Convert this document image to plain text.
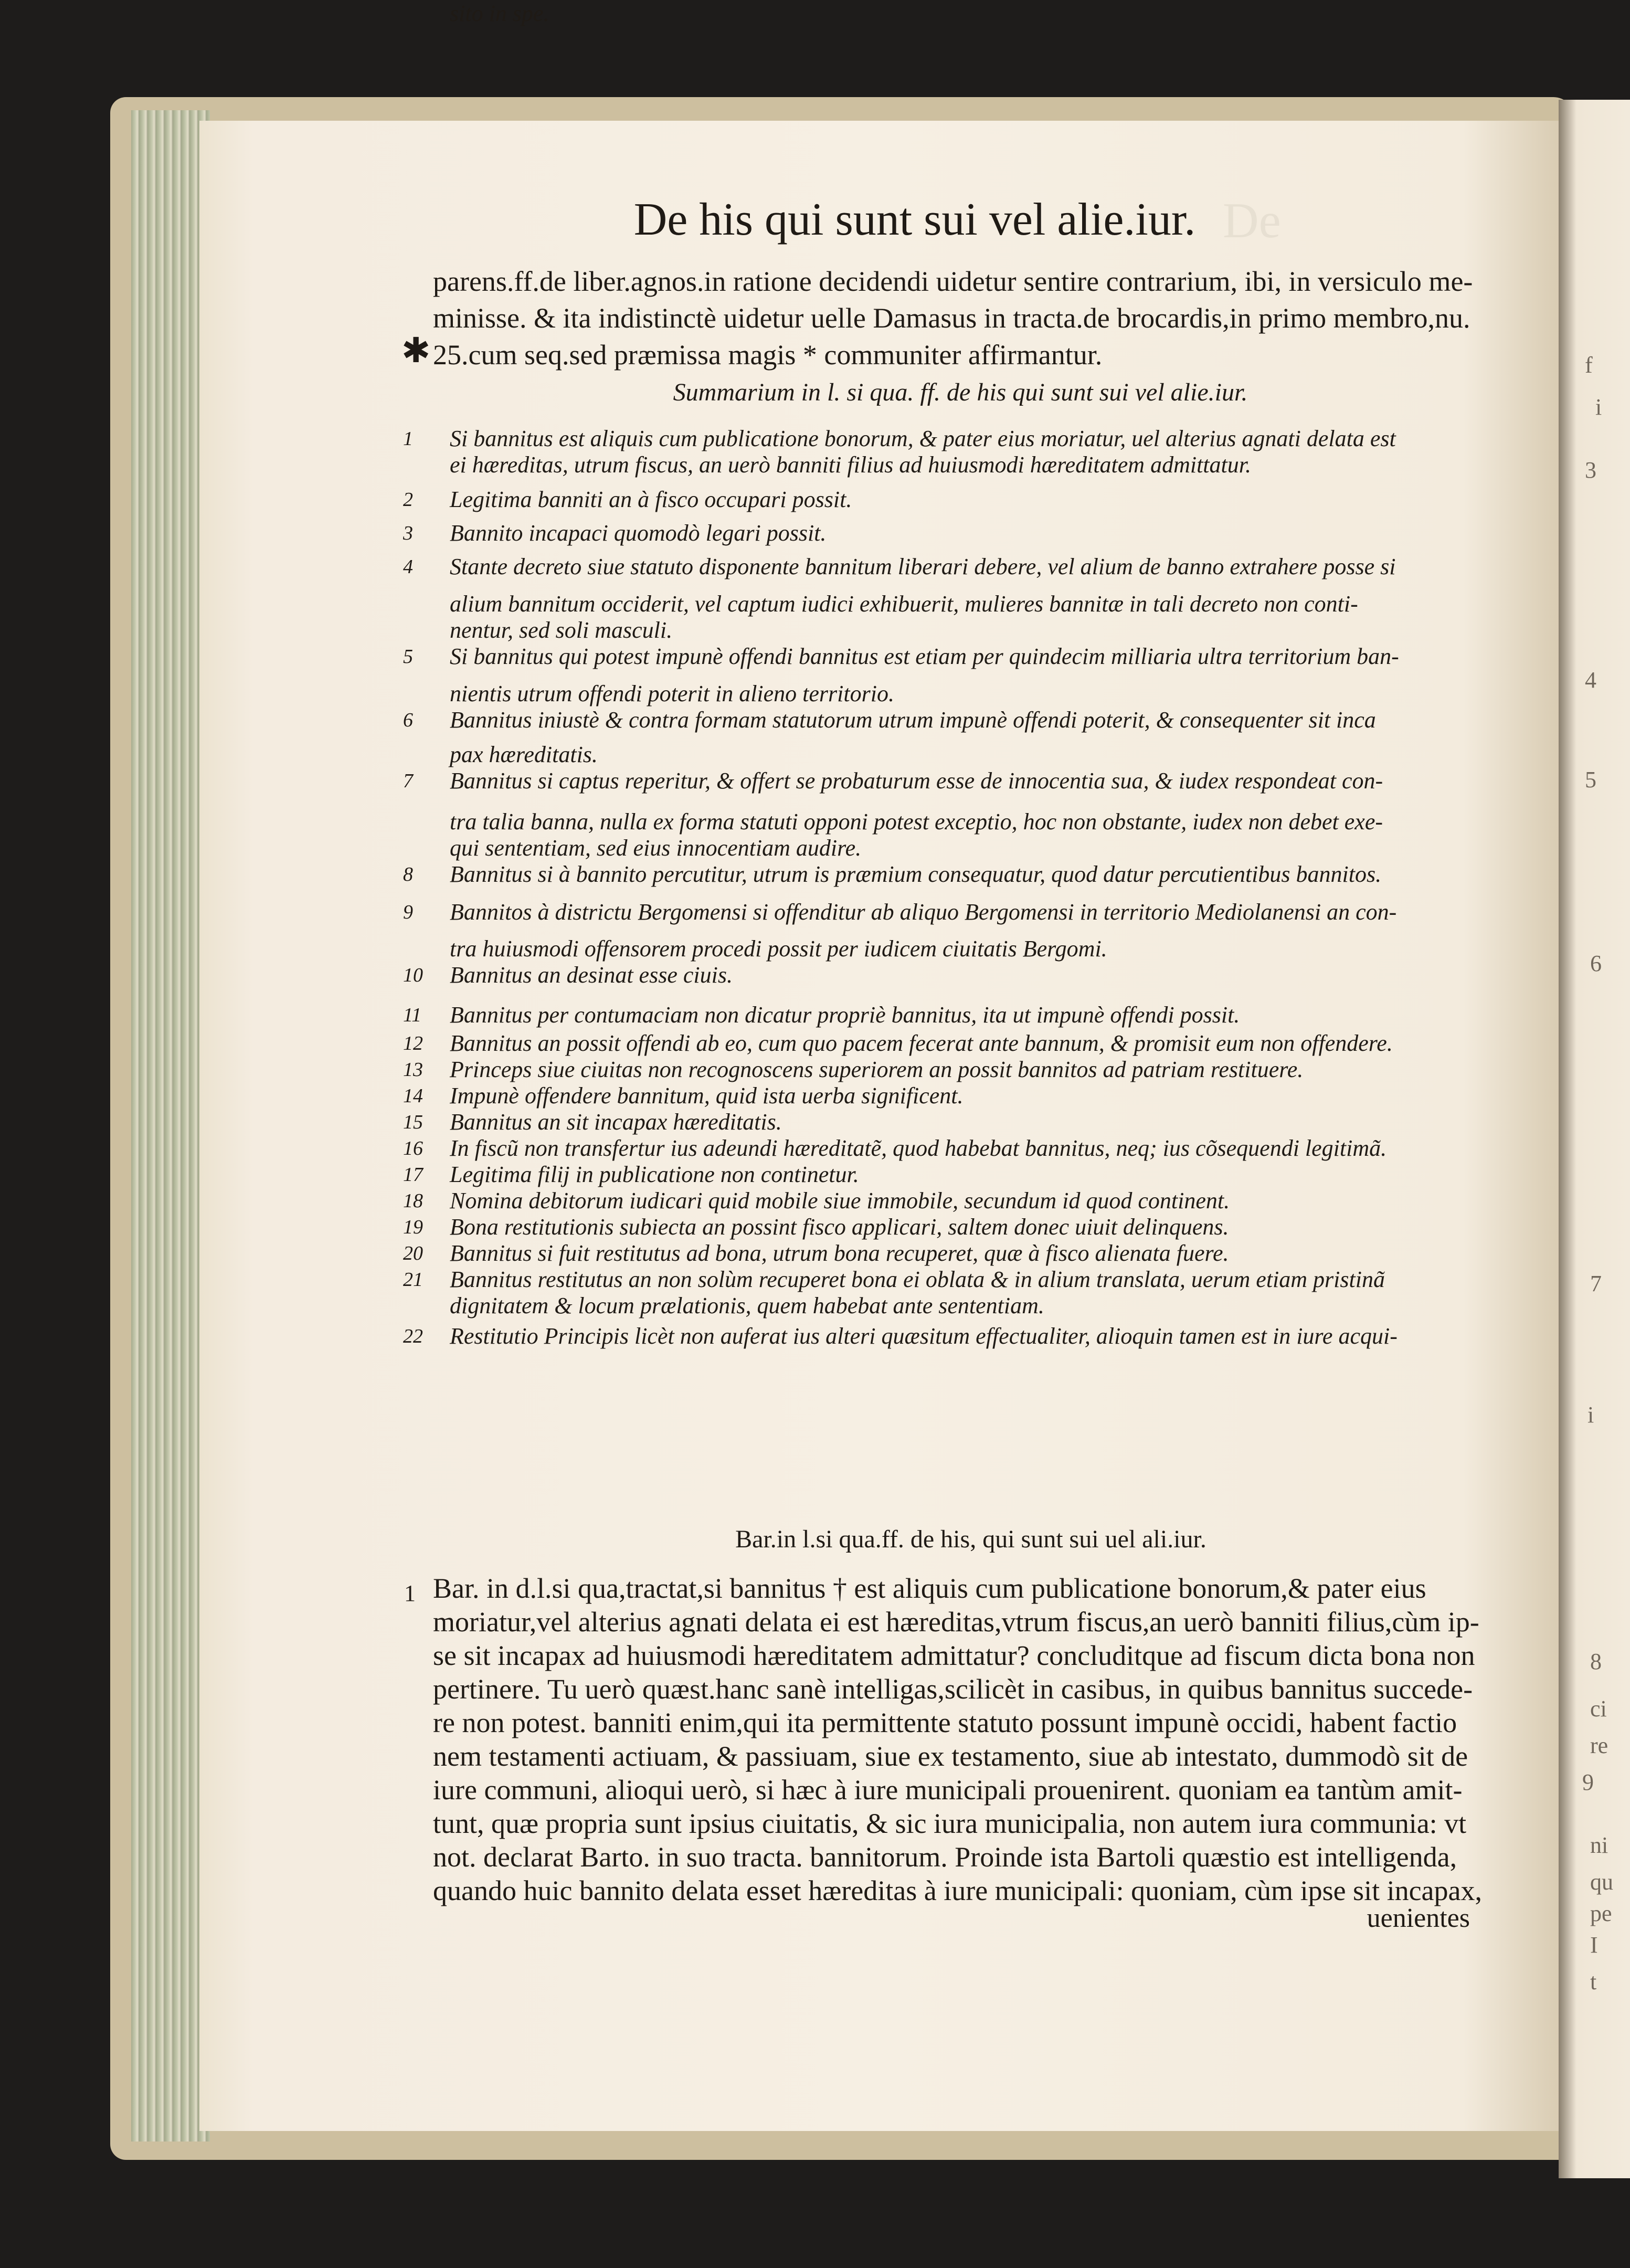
f
i
3
4
5
6
7
i
8
ci
re
9
ni
qu
pe
I
t
De
De his qui sunt sui vel alie.iur.
parens.ff.de liber.agnos.in ratione decidendi uidetur sentire contrarium, ibi, in versiculo me-
minisse. & ita indistinctè uidetur uelle Damasus in tracta.de brocardis,in primo membro,nu.
25.cum seq.sed præmissa magis * communiter affirmantur.
✱
Summarium in l. si qua. ff. de his qui sunt sui vel alie.iur.
1 Si bannitus est aliquis cum publicatione bonorum, & pater eius moriatur, uel alterius agnati delata est
ei hæreditas, utrum fiscus, an uerò banniti filius ad huiusmodi hæreditatem admittatur.
2 Legitima banniti an à fisco occupari possit.
3 Bannito incapaci quomodò legari possit.
4 Stante decreto siue statuto disponente bannitum liberari debere, vel alium de banno extrahere posse si
alium bannitum occiderit, vel captum iudici exhibuerit, mulieres bannitæ in tali decreto non conti-
nentur, sed soli masculi.
5 Si bannitus qui potest impunè offendi bannitus est etiam per quindecim milliaria ultra territorium ban-
nientis utrum offendi poterit in alieno territorio.
6 Bannitus iniustè & contra formam statutorum utrum impunè offendi poterit, & consequenter sit inca
pax hæreditatis.
7 Bannitus si captus reperitur, & offert se probaturum esse de innocentia sua, & iudex respondeat con-
tra talia banna, nulla ex forma statuti opponi potest exceptio, hoc non obstante, iudex non debet exe-
qui sententiam, sed eius innocentiam audire.
8 Bannitus si à bannito percutitur, utrum is præmium consequatur, quod datur percutientibus bannitos.
9 Bannitos à districtu Bergomensi si offenditur ab aliquo Bergomensi in territorio Mediolanensi an con-
tra huiusmodi offensorem procedi possit per iudicem ciuitatis Bergomi.
10 Bannitus an desinat esse ciuis.
11 Bannitus per contumaciam non dicatur propriè bannitus, ita ut impunè offendi possit.
12 Bannitus an possit offendi ab eo, cum quo pacem fecerat ante bannum, & promisit eum non offendere.
13 Princeps siue ciuitas non recognoscens superiorem an possit bannitos ad patriam restituere.
14 Impunè offendere bannitum, quid ista uerba significent.
15 Bannitus an sit incapax hæreditatis.
16 In fiscũ non transfertur ius adeundi hæreditatẽ, quod habebat bannitus, neq; ius cõsequendi legitimã.
17 Legitima filij in publicatione non continetur.
18 Nomina debitorum iudicari quid mobile siue immobile, secundum id quod continent.
19 Bona restitutionis subiecta an possint fisco applicari, saltem donec uiuit delinquens.
20 Bannitus si fuit restitutus ad bona, utrum bona recuperet, quæ à fisco alienata fuere.
21 Bannitus restitutus an non solùm recuperet bona ei oblata & in alium translata, uerum etiam pristinã
dignitatem & locum prælationis, quem habebat ante sententiam.
22 Restitutio Principis licèt non auferat ius alteri quæsitum effectualiter, alioquin tamen est in iure acqui-
sito in spe.
Bar.in l.si qua.ff. de his, qui sunt sui uel ali.iur.
1 Bar. in d.l.si qua,tractat,si bannitus † est aliquis cum publicatione bonorum,& pater eius
moriatur,vel alterius agnati delata ei est hæreditas,vtrum fiscus,an uerò banniti filius,cùm ip-
se sit incapax ad huiusmodi hæreditatem admittatur? concluditque ad fiscum dicta bona non
pertinere. Tu uerò quæst.hanc sanè intelligas,scilicèt in casibus, in quibus bannitus succede-
re non potest. banniti enim,qui ita permittente statuto possunt impunè occidi, habent factio
nem testamenti actiuam, & passiuam, siue ex testamento, siue ab intestato, dummodò sit de
iure communi, alioqui uerò, si hæc à iure municipali prouenirent. quoniam ea tantùm amit-
tunt, quæ propria sunt ipsius ciuitatis, & sic iura municipalia, non autem iura communia: vt
not. declarat Barto. in suo tracta. bannitorum. Proinde ista Bartoli quæstio est intelligenda,
quando huic bannito delata esset hæreditas à iure municipali: quoniam, cùm ipse sit incapax,
uenientes
